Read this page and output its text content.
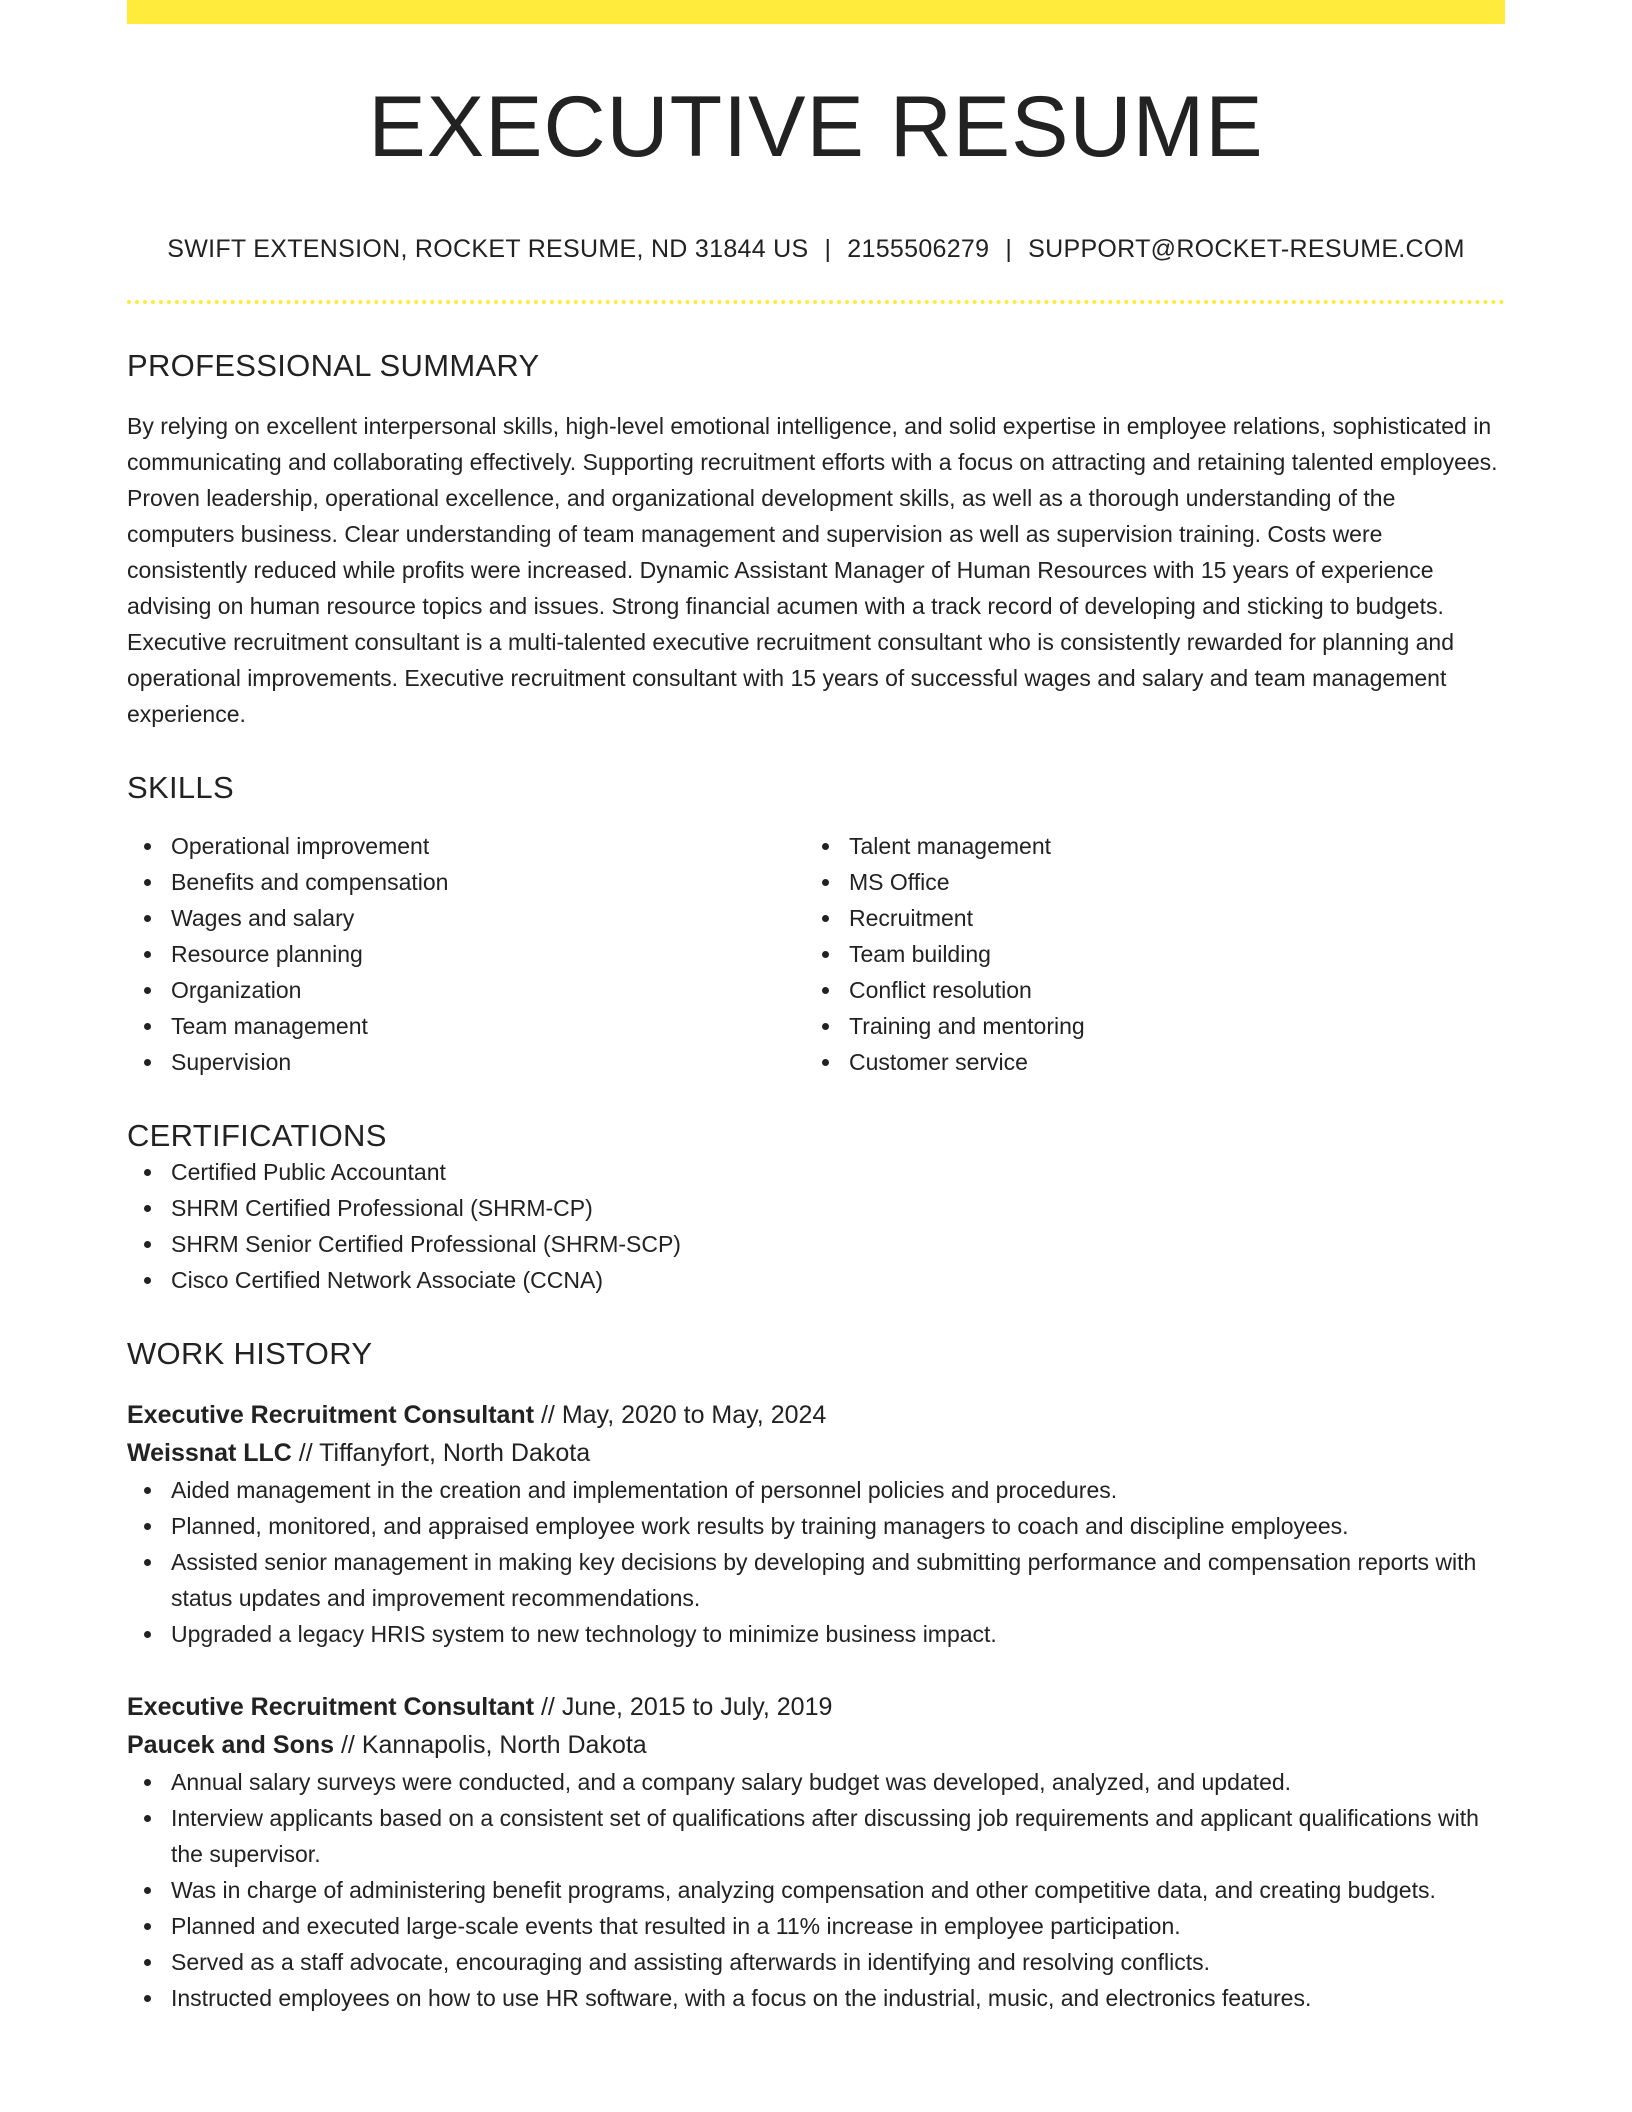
EXECUTIVE RESUME
SWIFT EXTENSION, ROCKET RESUME, ND 31844 US | 2155506279 | SUPPORT@ROCKET-RESUME.COM
PROFESSIONAL SUMMARY
By relying on excellent interpersonal skills, high-level emotional intelligence, and solid expertise in employee relations, sophisticated in communicating and collaborating effectively. Supporting recruitment efforts with a focus on attracting and retaining talented employees. Proven leadership, operational excellence, and organizational development skills, as well as a thorough understanding of the computers business. Clear understanding of team management and supervision as well as supervision training. Costs were consistently reduced while profits were increased. Dynamic Assistant Manager of Human Resources with 15 years of experience advising on human resource topics and issues. Strong financial acumen with a track record of developing and sticking to budgets. Executive recruitment consultant is a multi-talented executive recruitment consultant who is consistently rewarded for planning and operational improvements. Executive recruitment consultant with 15 years of successful wages and salary and team management experience.
SKILLS
Operational improvement
Benefits and compensation
Wages and salary
Resource planning
Organization
Team management
Supervision
Talent management
MS Office
Recruitment
Team building
Conflict resolution
Training and mentoring
Customer service
CERTIFICATIONS
Certified Public Accountant
SHRM Certified Professional (SHRM-CP)
SHRM Senior Certified Professional (SHRM-SCP)
Cisco Certified Network Associate (CCNA)
WORK HISTORY
Executive Recruitment Consultant // May, 2020 to May, 2024
Weissnat LLC // Tiffanyfort, North Dakota
Aided management in the creation and implementation of personnel policies and procedures.
Planned, monitored, and appraised employee work results by training managers to coach and discipline employees.
Assisted senior management in making key decisions by developing and submitting performance and compensation reports with status updates and improvement recommendations.
Upgraded a legacy HRIS system to new technology to minimize business impact.
Executive Recruitment Consultant // June, 2015 to July, 2019
Paucek and Sons // Kannapolis, North Dakota
Annual salary surveys were conducted, and a company salary budget was developed, analyzed, and updated.
Interview applicants based on a consistent set of qualifications after discussing job requirements and applicant qualifications with the supervisor.
Was in charge of administering benefit programs, analyzing compensation and other competitive data, and creating budgets.
Planned and executed large-scale events that resulted in a 11% increase in employee participation.
Served as a staff advocate, encouraging and assisting afterwards in identifying and resolving conflicts.
Instructed employees on how to use HR software, with a focus on the industrial, music, and electronics features.
